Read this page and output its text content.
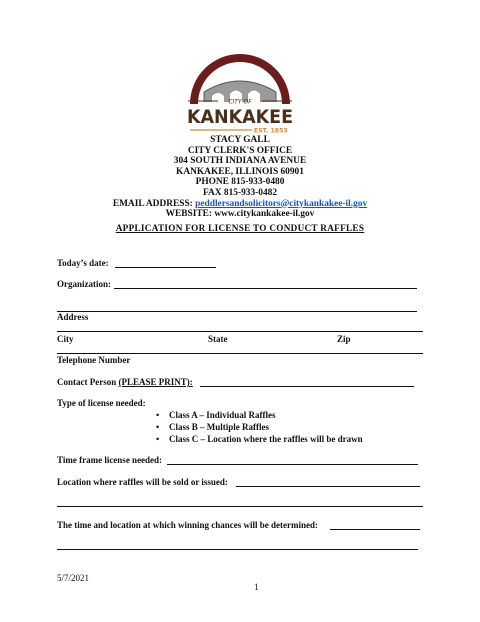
CITY OF
KANKAKEE
EST. 1853
STACY GALL
CITY CLERK'S OFFICE
304 SOUTH INDIANA AVENUE
KANKAKEE, ILLINOIS 60901
PHONE 815-933-0480
FAX 815-933-0482
EMAIL ADDRESS: peddlersandsolicitors@citykankakee-il.gov
WEBSITE: www.citykankakee-il.gov
APPLICATION FOR LICENSE TO CONDUCT RAFFLES
Today’s date:
Organization:
Address
City	State	Zip
Telephone Number
Contact Person (PLEASE PRINT):
Type of license needed:
• Class A – Individual Raffles
• Class B – Multiple Raffles
• Class C – Location where the raffles will be drawn
Time frame license needed:
Location where raffles will be sold or issued:
The time and location at which winning chances will be determined:
5/7/2021
1
